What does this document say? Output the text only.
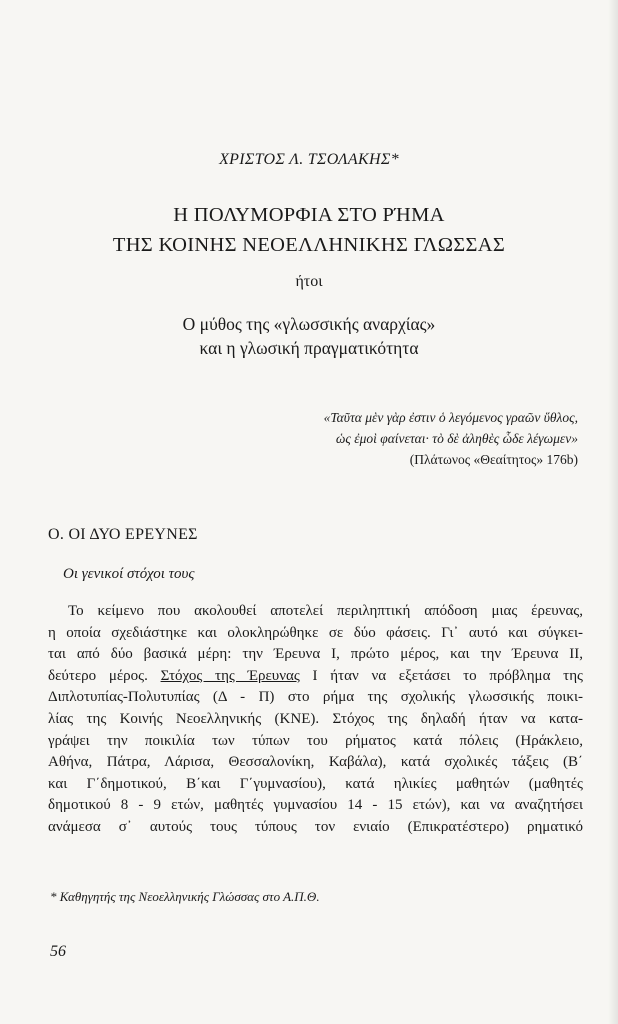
ΧΡΙΣΤΟΣ Λ. ΤΣΟΛΑΚΗΣ*
Η ΠΟΛΥΜΟΡΦΙΑ ΣΤΟ ΡΉΜΑ
ΤΗΣ ΚΟΙΝΗΣ ΝΕΟΕΛΛΗΝΙΚΗΣ ΓΛΩΣΣΑΣ
ήτοι
Ο μύθος της «γλωσσικής αναρχίας»
και η γλωσική πραγματικότητα
«Ταῦτα μὲν γὰρ ἐστιν ὁ λεγόμενος γραῶν ὕθλος,
ὡς ἐμοὶ φαίνεται· τὸ δὲ ἀληθὲς ὧδε λέγωμεν»
(Πλάτωνος «Θεαίτητος» 176b)
Ο. ΟΙ ΔΥΟ ΕΡΕΥΝΕΣ
Οι γενικοί στόχοι τους
Το κείμενο που ακολουθεί αποτελεί περιληπτική απόδοση μιας έρευνας,
η οποία σχεδιάστηκε και ολοκληρώθηκε σε δύο φάσεις. Γι᾿ αυτό και σύγκει-
ται από δύο βασικά μέρη: την Έρευνα Ι, πρώτο μέρος, και την Έρευνα ΙΙ,
δεύτερο μέρος. Στόχος της Έρευνας Ι ήταν να εξετάσει το πρόβλημα της
Διπλοτυπίας-Πολυτυπίας (Δ - Π) στο ρήμα της σχολικής γλωσσικής ποικι-
λίας της Κοινής Νεοελληνικής (ΚΝΕ). Στόχος της δηλαδή ήταν να κατα-
γράψει την ποικιλία των τύπων του ρήματος κατά πόλεις (Ηράκλειο,
Αθήνα, Πάτρα, Λάρισα, Θεσσαλονίκη, Καβάλα), κατά σχολικές τάξεις (Β΄
και Γ΄δημοτικού, Β΄και Γ΄γυμνασίου), κατά ηλικίες μαθητών (μαθητές
δημοτικού 8 - 9 ετών, μαθητές γυμνασίου 14 - 15 ετών), και να αναζητήσει
ανάμεσα σ᾿ αυτούς τους τύπους τον ενιαίο (Επικρατέστερο) ρηματικό
* Καθηγητής της Νεοελληνικής Γλώσσας στο Α.Π.Θ.
56
